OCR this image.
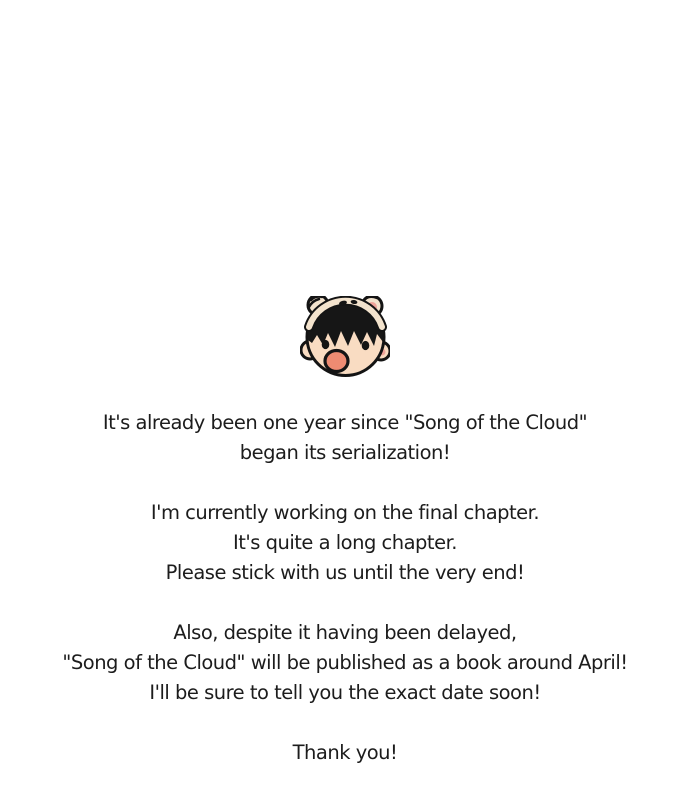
It's already been one year since "Song of the Cloud"
began its serialization!

I'm currently working on the final chapter.
It's quite a long chapter.
Please stick with us until the very end!

Also, despite it having been delayed,
"Song of the Cloud" will be published as a book around April!
I'll be sure to tell you the exact date soon!

Thank you!
